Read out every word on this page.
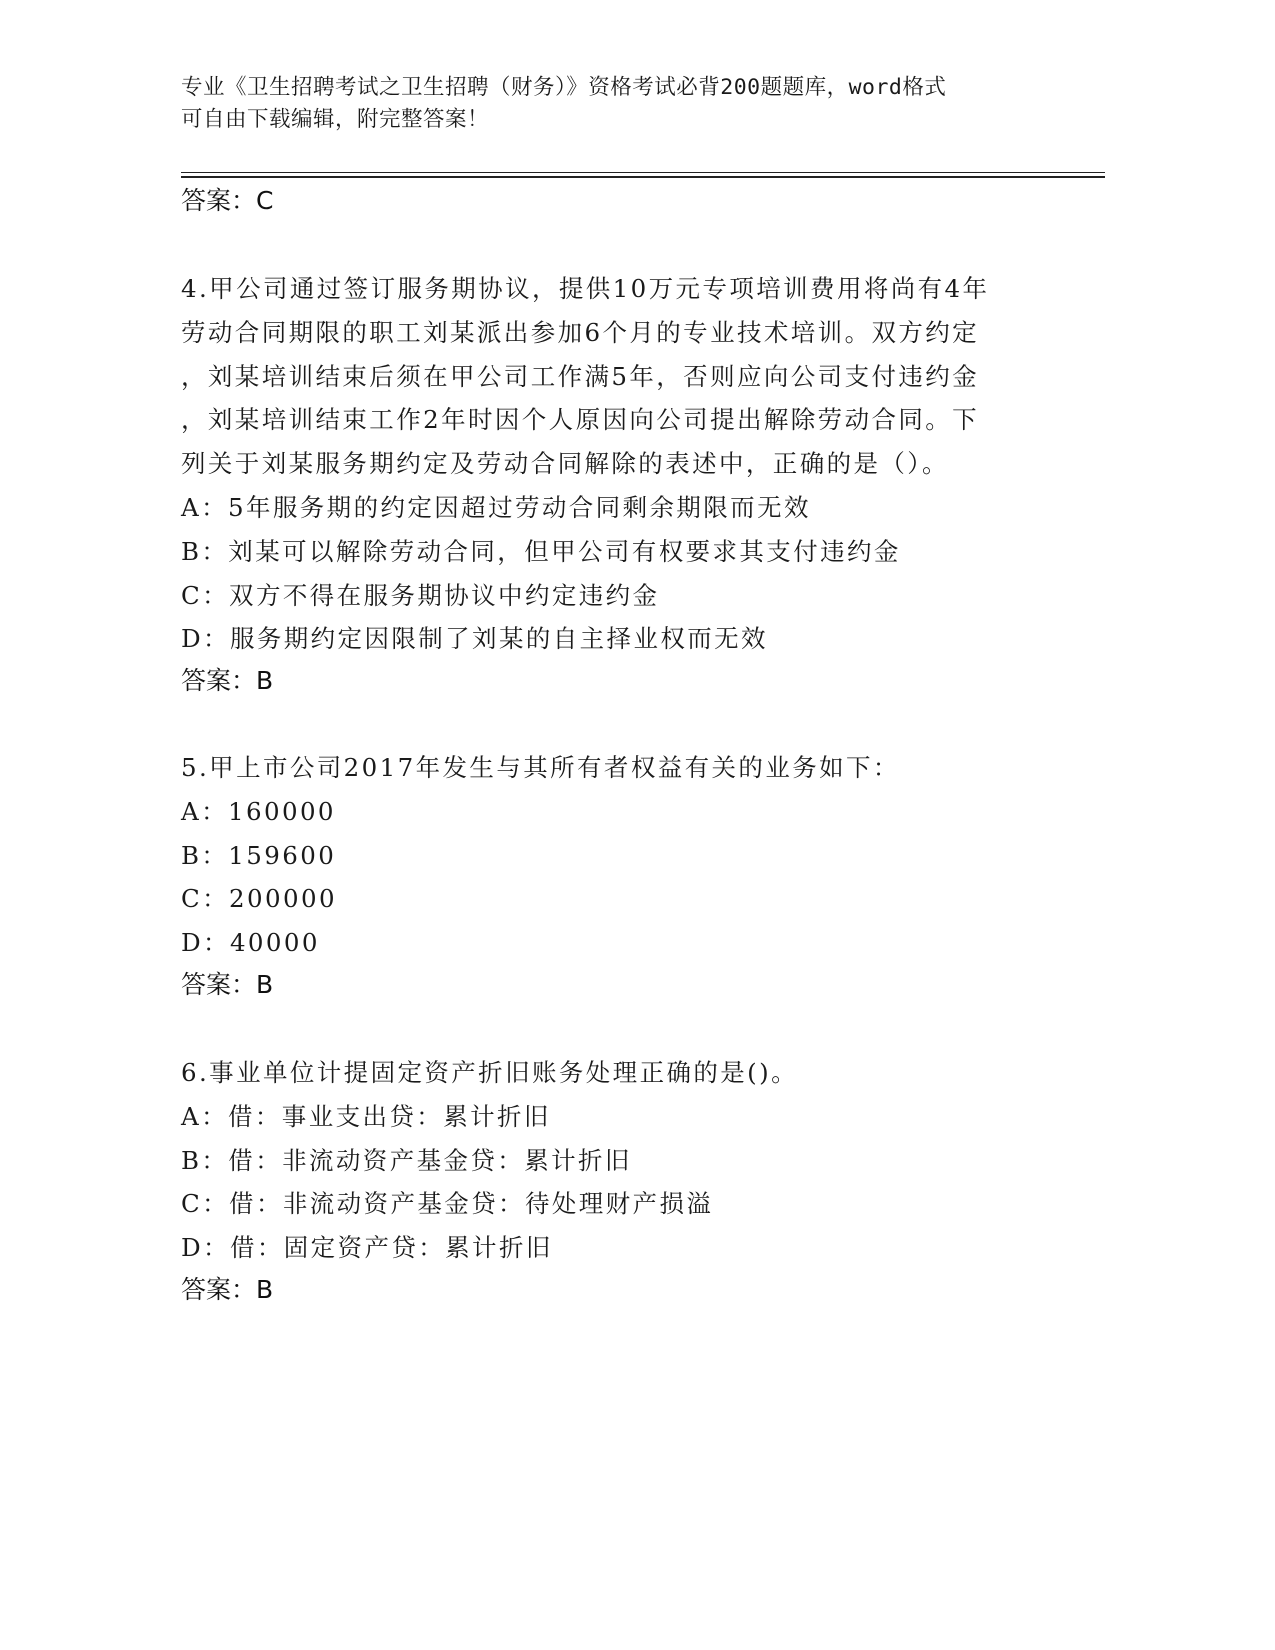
专业《卫生招聘考试之卫生招聘（财务）》资格考试必背200题题库，word格式
可自由下载编辑，附完整答案！
答案：C
4.甲公司通过签订服务期协议，提供10万元专项培训费用将尚有4年
劳动合同期限的职工刘某派出参加6个月的专业技术培训。双方约定
，刘某培训结束后须在甲公司工作满5年，否则应向公司支付违约金
，刘某培训结束工作2年时因个人原因向公司提出解除劳动合同。下
列关于刘某服务期约定及劳动合同解除的表述中，正确的是（）。
A：5年服务期的约定因超过劳动合同剩余期限而无效
B：刘某可以解除劳动合同，但甲公司有权要求其支付违约金
C：双方不得在服务期协议中约定违约金
D：服务期约定因限制了刘某的自主择业权而无效
答案：B
5.甲上市公司2017年发生与其所有者权益有关的业务如下：
A：160000
B：159600
C：200000
D：40000
答案：B
6.事业单位计提固定资产折旧账务处理正确的是()。
A：借：事业支出贷：累计折旧
B：借：非流动资产基金贷：累计折旧
C：借：非流动资产基金贷：待处理财产损溢
D：借：固定资产贷：累计折旧
答案：B
